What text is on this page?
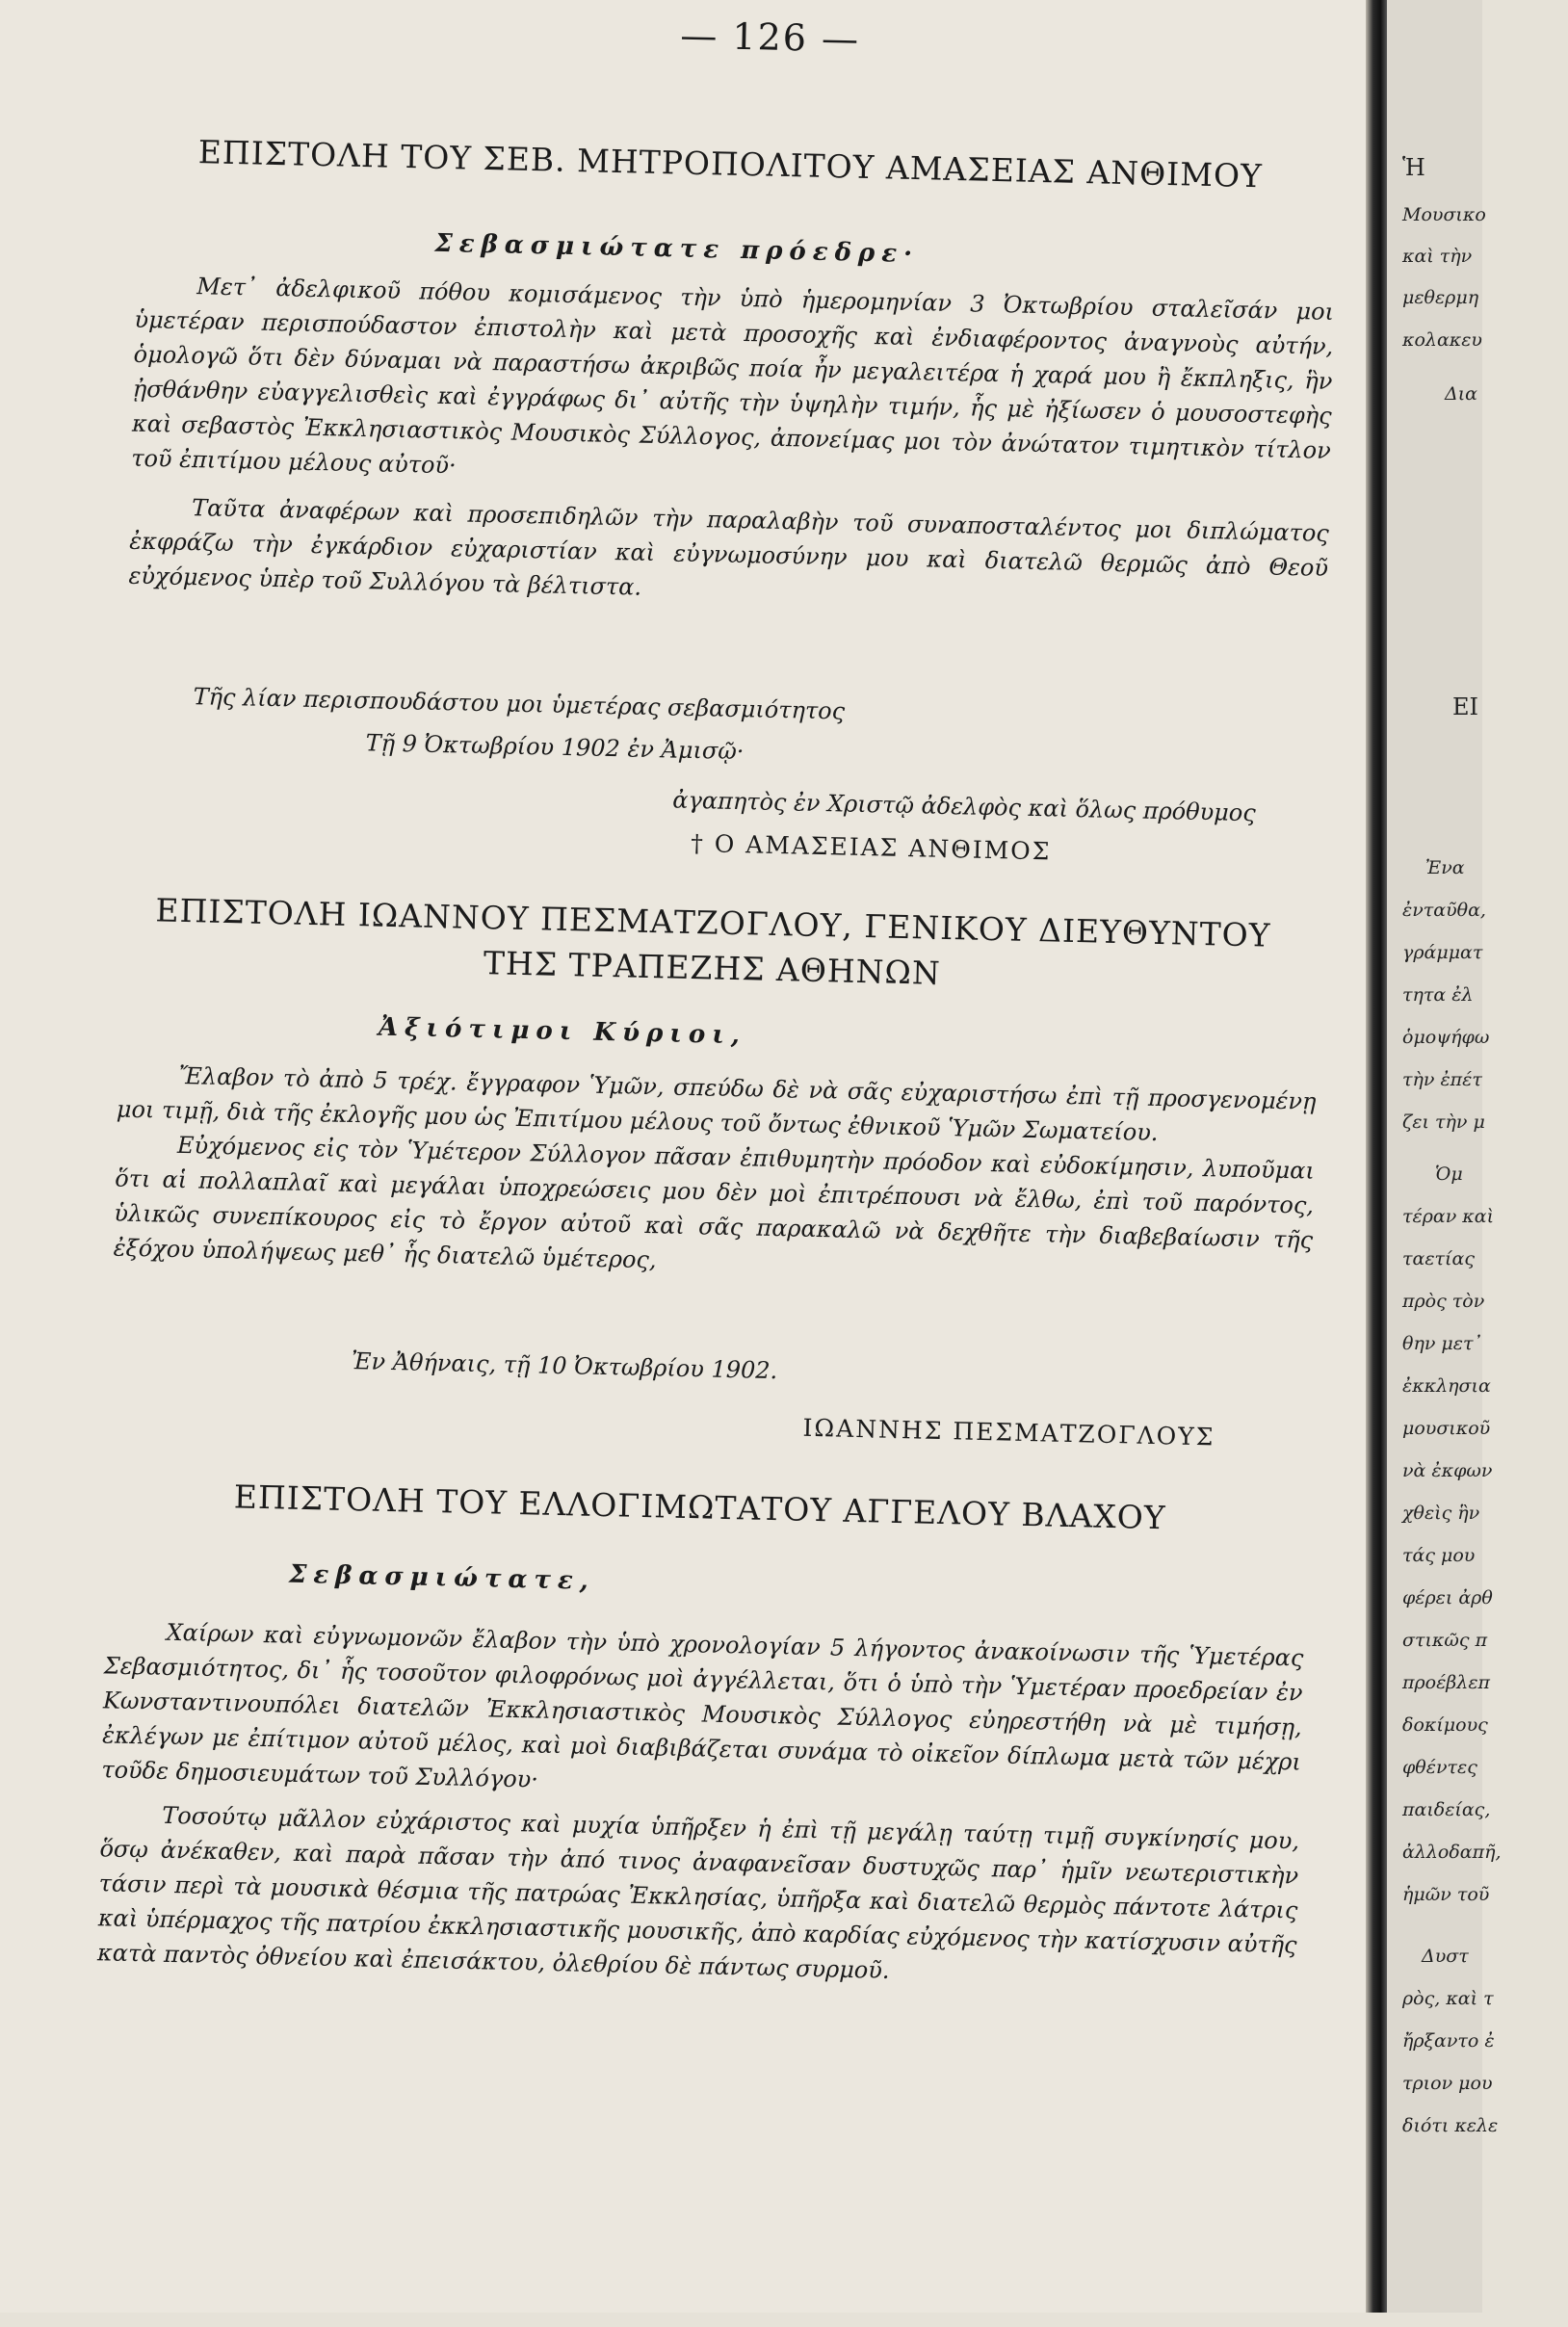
— 126 —
ΕΠΙΣΤΟΛΗ ΤΟΥ ΣΕΒ. ΜΗΤΡΟΠΟΛΙΤΟΥ ΑΜΑΣΕΙΑΣ ΑΝΘΙΜΟΥ
Σεβασμιώτατε πρόεδρε·

Μετ᾽ ἀδελφικοῦ πόθου κομισάμενος τὴν ὑπὸ ἡμερομηνίαν 3 Ὀκτωβρίου σταλεῖσάν μοι ὑμετέραν περισπούδαστον ἐπιστολὴν καὶ μετὰ προσοχῆς καὶ ἐνδιαφέροντος ἀναγνοὺς αὐτήν, ὁμολογῶ ὅτι δὲν δύναμαι νὰ παραστήσω ἀκριβῶς ποία ἦν μεγαλειτέρα ἡ χαρά μου ἢ ἔκπληξις, ἣν ᾐσθάνθην εὐαγγελισθεὶς καὶ ἐγγράφως δι᾽ αὐτῆς τὴν ὑψηλὴν τιμήν, ἧς μὲ ἠξίωσεν ὁ μουσοστεφὴς καὶ σεβαστὸς Ἐκκλησιαστικὸς Μουσικὸς Σύλλογος, ἀπονείμας μοι τὸν ἀνώτατον τιμητικὸν τίτλον τοῦ ἐπιτίμου μέλους αὐτοῦ·

Ταῦτα ἀναφέρων καὶ προσεπιδηλῶν τὴν παραλαβὴν τοῦ συναποσταλέντος μοι διπλώματος ἐκφράζω τὴν ἐγκάρδιον εὐχαριστίαν καὶ εὐγνωμοσύνην μου καὶ διατελῶ θερμῶς ἀπὸ Θεοῦ εὐχόμενος ὑπὲρ τοῦ Συλλόγου τὰ βέλτιστα.

Τῆς λίαν περισπουδάστου μοι ὑμετέρας σεβασμιότητος
Τῇ 9 Ὀκτωβρίου 1902 ἐν Ἀμισῷ·
ἀγαπητὸς ἐν Χριστῷ ἀδελφὸς καὶ ὅλως πρόθυμος
† Ο ΑΜΑΣΕΙΑΣ ΑΝΘΙΜΟΣ
ΕΠΙΣΤΟΛΗ ΙΩΑΝΝΟΥ ΠΕΣΜΑΤΖΟΓΛΟΥ, ΓΕΝΙΚΟΥ ΔΙΕΥΘΥΝΤΟΥ
ΤΗΣ ΤΡΑΠΕΖΗΣ ΑΘΗΝΩΝ
Ἀξιότιμοι Κύριοι,

Ἔλαβον τὸ ἀπὸ 5 τρέχ. ἔγγραφον Ὑμῶν, σπεύδω δὲ νὰ σᾶς εὐχαριστήσω ἐπὶ τῇ προσγενομένῃ μοι τιμῇ, διὰ τῆς ἐκλογῆς μου ὡς Ἐπιτίμου μέλους τοῦ ὄντως ἐθνικοῦ Ὑμῶν Σωματείου.

Εὐχόμενος εἰς τὸν Ὑμέτερον Σύλλογον πᾶσαν ἐπιθυμητὴν πρόοδον καὶ εὐδοκίμησιν, λυποῦμαι ὅτι αἱ πολλαπλαῖ καὶ μεγάλαι ὑποχρεώσεις μου δὲν μοὶ ἐπιτρέπουσι νὰ ἔλθω, ἐπὶ τοῦ παρόντος, ὑλικῶς συνεπίκουρος εἰς τὸ ἔργον αὐτοῦ καὶ σᾶς παρακαλῶ νὰ δεχθῆτε τὴν διαβεβαίωσιν τῆς ἐξόχου ὑπολήψεως μεθ᾽ ἧς διατελῶ ὑμέτερος,

Ἐν Ἀθήναις, τῇ 10 Ὀκτωβρίου 1902.
ΙΩΑΝΝΗΣ ΠΕΣΜΑΤΖΟΓΛΟΥΣ
ΕΠΙΣΤΟΛΗ ΤΟΥ ΕΛΛΟΓΙΜΩΤΑΤΟΥ ΑΓΓΕΛΟΥ ΒΛΑΧΟΥ
Σεβασμιώτατε,

Χαίρων καὶ εὐγνωμονῶν ἔλαβον τὴν ὑπὸ χρονολογίαν 5 λήγοντος ἀνακοίνωσιν τῆς Ὑμετέρας Σεβασμιότητος, δι᾽ ἧς τοσοῦτον φιλοφρόνως μοὶ ἀγγέλλεται, ὅτι ὁ ὑπὸ τὴν Ὑμετέραν προεδρείαν ἐν Κωνσταντινουπόλει διατελῶν Ἐκκλησιαστικὸς Μουσικὸς Σύλλογος εὐηρεστήθη νὰ μὲ τιμήσῃ, ἐκλέγων με ἐπίτιμον αὐτοῦ μέλος, καὶ μοὶ διαβιβάζεται συνάμα τὸ οἰκεῖον δίπλωμα μετὰ τῶν μέχρι τοῦδε δημοσιευμάτων τοῦ Συλλόγου·

Τοσούτῳ μᾶλλον εὐχάριστος καὶ μυχία ὑπῆρξεν ἡ ἐπὶ τῇ μεγάλῃ ταύτῃ τιμῇ συγκίνησίς μου, ὅσῳ ἀνέκαθεν, καὶ παρὰ πᾶσαν τὴν ἀπό τινος ἀναφανεῖσαν δυστυχῶς παρ᾽ ἡμῖν νεωτεριστικὴν τάσιν περὶ τὰ μουσικὰ θέσμια τῆς πατρώας Ἐκκλησίας, ὑπῆρξα καὶ διατελῶ θερμὸς πάντοτε λάτρις καὶ ὑπέρμαχος τῆς πατρίου ἐκκλησιαστικῆς μουσικῆς, ἀπὸ καρδίας εὐχόμενος τὴν κατίσχυσιν αὐτῆς κατὰ παντὸς ὀθνείου καὶ ἐπεισάκτου, ὀλεθρίου δὲ πάντως συρμοῦ.

Ἡ
Μουσικο
καὶ τὴν
μεθερμη
κολακευ
Δια
ΕΙ
Ἐνα
ἐνταῦθα,
γράμματ
τητα ἐλ
ὁμοψήφω
τὴν ἐπέτ
ζει τὴν μ
Ὁμ
τέραν καὶ
ταετίας
πρὸς τὸν
θην μετ᾽
ἐκκλησια
μουσικοῦ
νὰ ἐκφων
χθεὶς ἣν
τάς μου
φέρει ἀρθ
στικῶς π
προέβλεπ
δοκίμους
φθέντες
παιδείας,
ἀλλοδαπῆ,
ἡμῶν τοῦ
Δυστ
ρὸς, καὶ τ
ἤρξαντο ἐ
τριον μου
διότι κελε
